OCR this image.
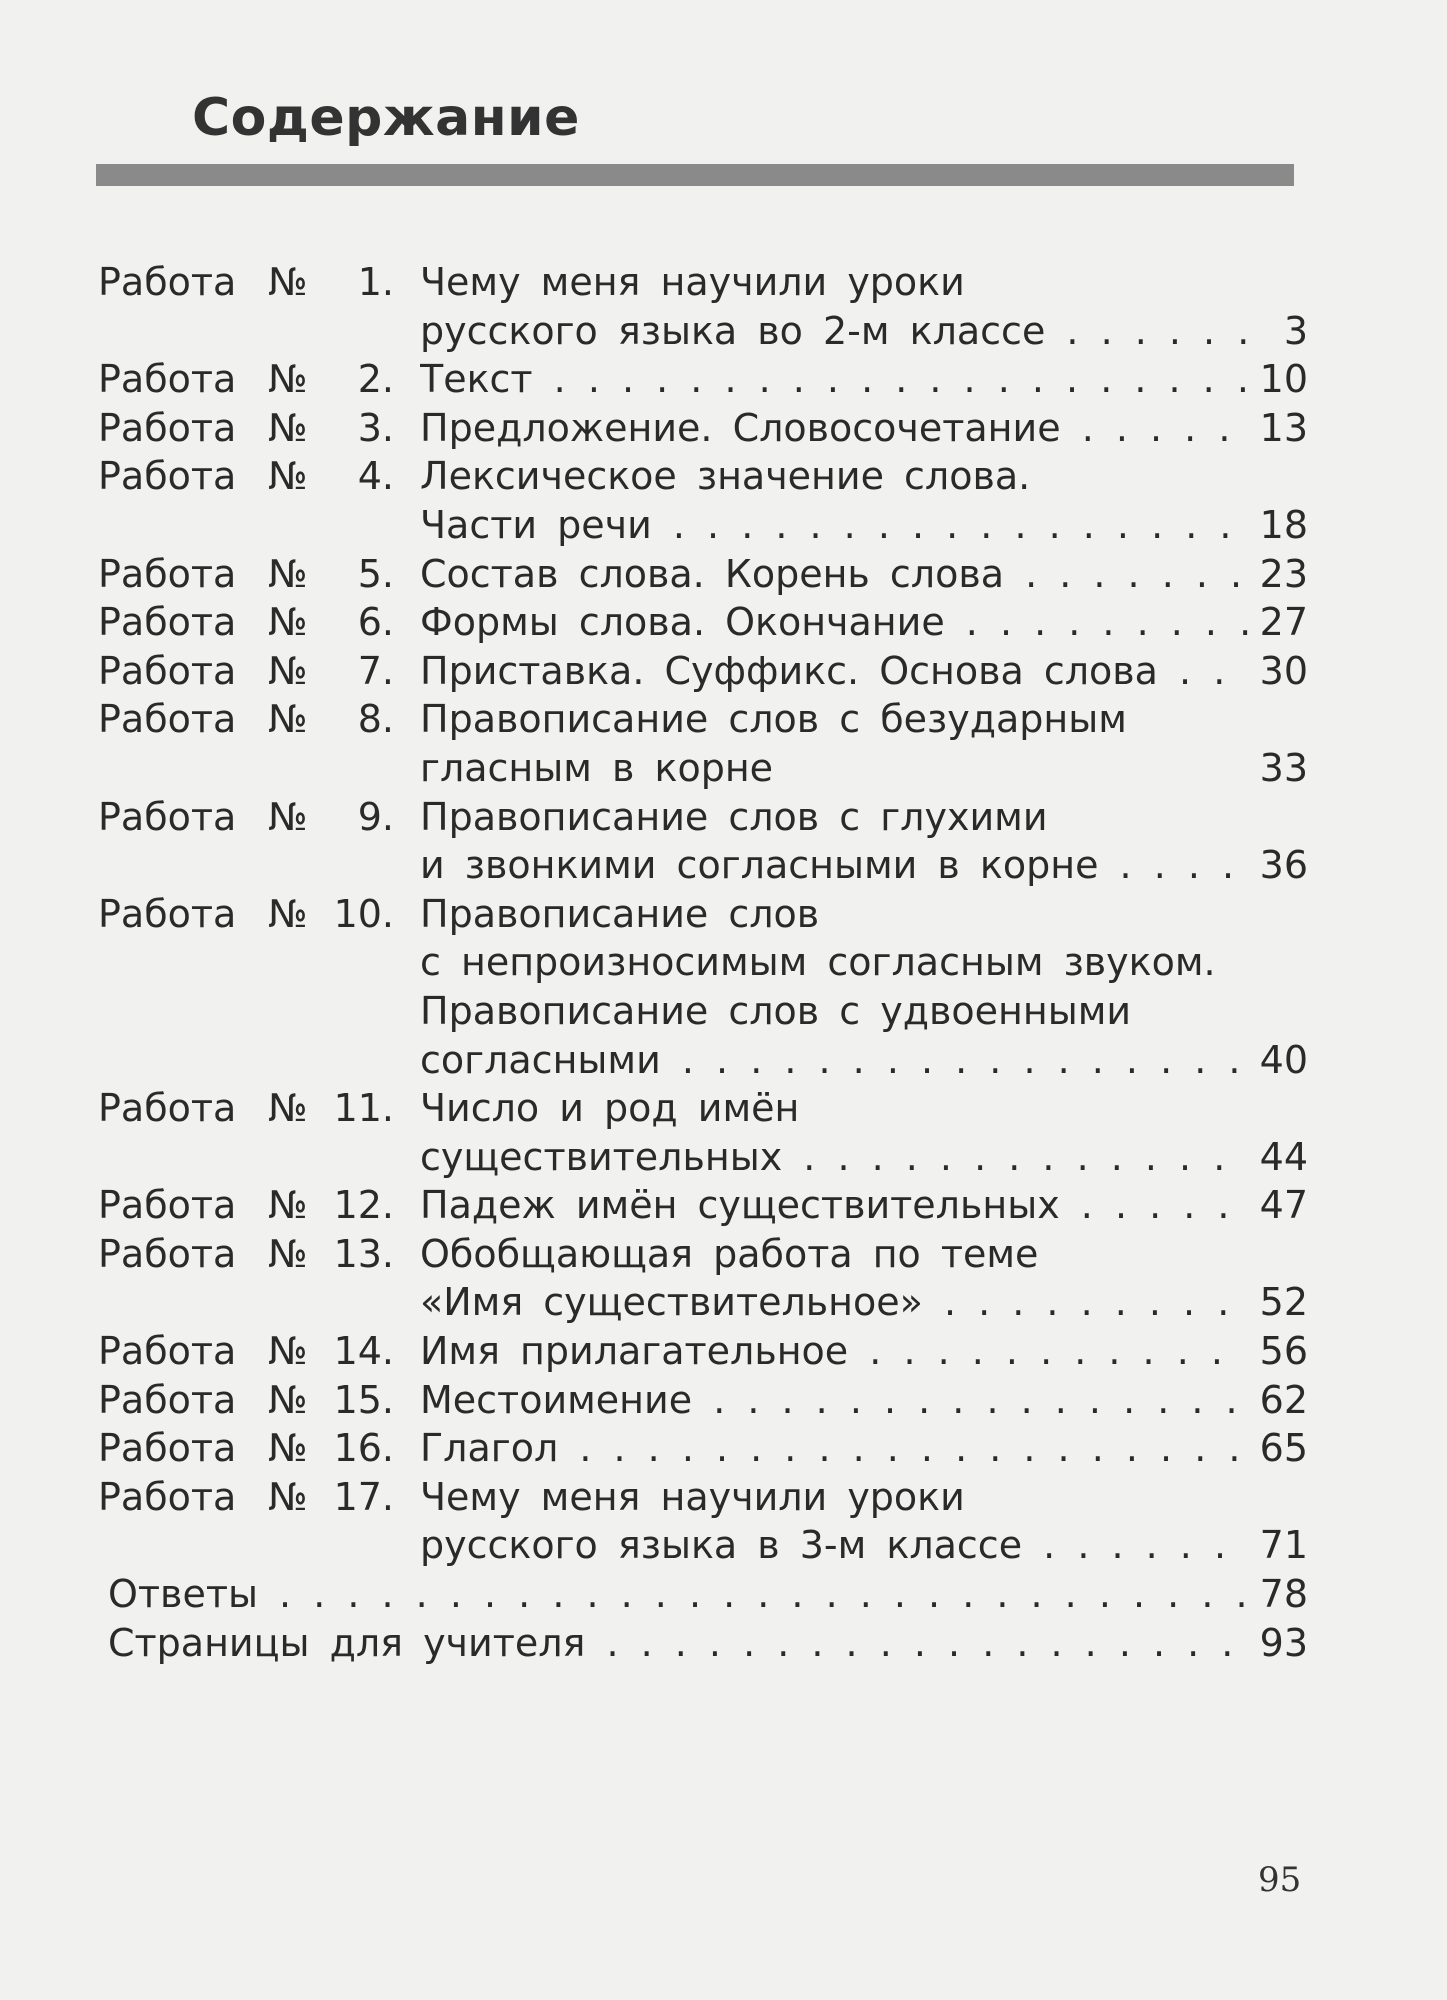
Содержание
Работа №	1. Чему меня научили уроки
русского языка во 2-м классе . . .	3
Работа №	2. Текст . . .	10
Работа №	3. Предложение. Словосочетание . . .	13
Работа №	4. Лексическое значение слова.
Части речи . . .	18
Работа №	5. Состав слова. Корень слова . . .	23
Работа №	6. Формы слова. Окончание . . .	27
Работа №	7. Приставка. Суффикс. Основа слова . . .	30
Работа №	8. Правописание слов с безударным
гласным в корне	33
Работа №	9. Правописание слов с глухими
и звонкими согласными в корне . . .	36
Работа № 10. Правописание слов
с непроизносимым согласным звуком.
Правописание слов с удвоенными
согласными . . .	40
Работа № 11. Число и род имён
существительных . . .	44
Работа № 12. Падеж имён существительных . . .	47
Работа № 13. Обобщающая работа по теме
«Имя существительное» . . .	52
Работа № 14. Имя прилагательное . . .	56
Работа № 15. Местоимение . . .	62
Работа № 16. Глагол . . .	65
Работа № 17. Чему меня научили уроки
русского языка в 3-м классе . . .	71
Ответы . . .	78
Страницы для учителя . . .	93
95
